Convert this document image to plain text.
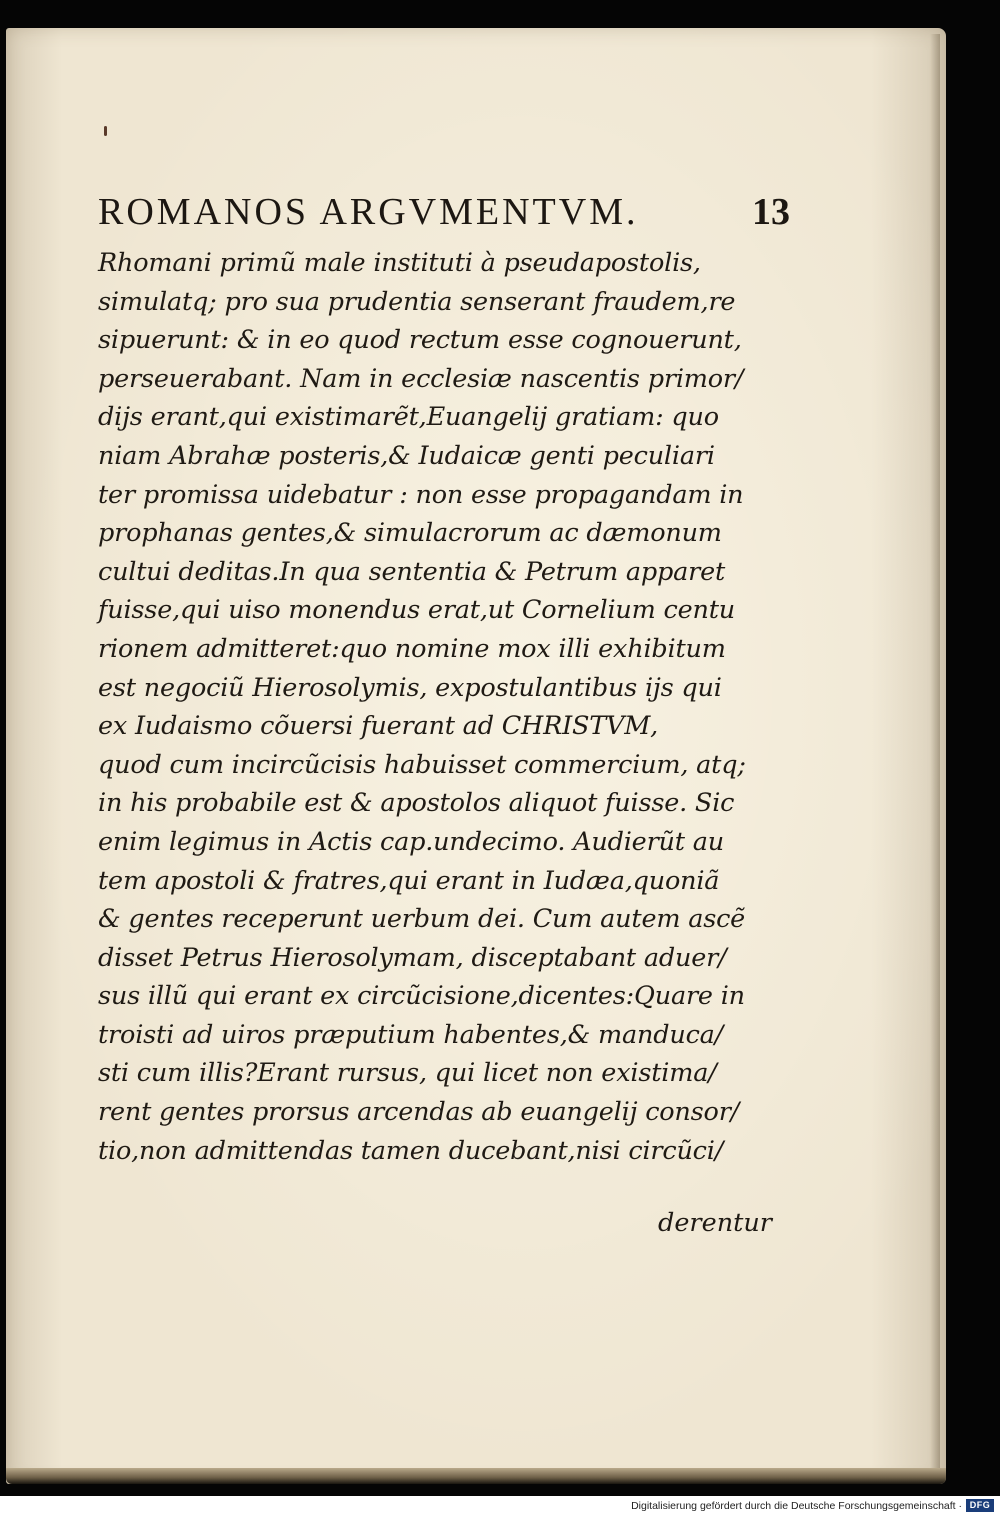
ROMANOS ARGVMENTVM.	13
Rhomani primũ male instituti à pseudapostolis,
simulatq; pro sua prudentia senserant fraudem,re
sipuerunt: & in eo quod rectum esse cognouerunt,
perseuerabant. Nam in ecclesiæ nascentis primor/
dijs erant,qui existimarẽt,Euangelij gratiam: quo
niam Abrahæ posteris,& Iudaicæ genti peculiari
ter promissa uidebatur : non esse propagandam in
prophanas gentes,& simulacrorum ac dæmonum
cultui deditas.In qua sententia & Petrum apparet
fuisse,qui uiso monendus erat,ut Cornelium centu
rionem admitteret:quo nomine mox illi exhibitum
est negociũ Hierosolymis, expostulantibus ijs qui
ex Iudaismo cõuersi fuerant ad CHRISTVM,
quod cum incircũcisis habuisset commercium, atq;
in his probabile est & apostolos aliquot fuisse. Sic
enim legimus in Actis cap.undecimo. Audierũt au
tem apostoli & fratres,qui erant in Iudæa,quoniã
& gentes receperunt uerbum dei. Cum autem ascẽ
disset Petrus Hierosolymam, disceptabant aduer/
sus illũ qui erant ex circũcisione,dicentes:Quare in
troisti ad uiros præputium habentes,& manduca/
sti cum illis?Erant rursus, qui licet non existima/
rent gentes prorsus arcendas ab euangelij consor/
tio,non admittendas tamen ducebant,nisi circũci/
derentur
Digitalisierung gefördert durch die Deutsche Forschungsgemeinschaft · DFG
